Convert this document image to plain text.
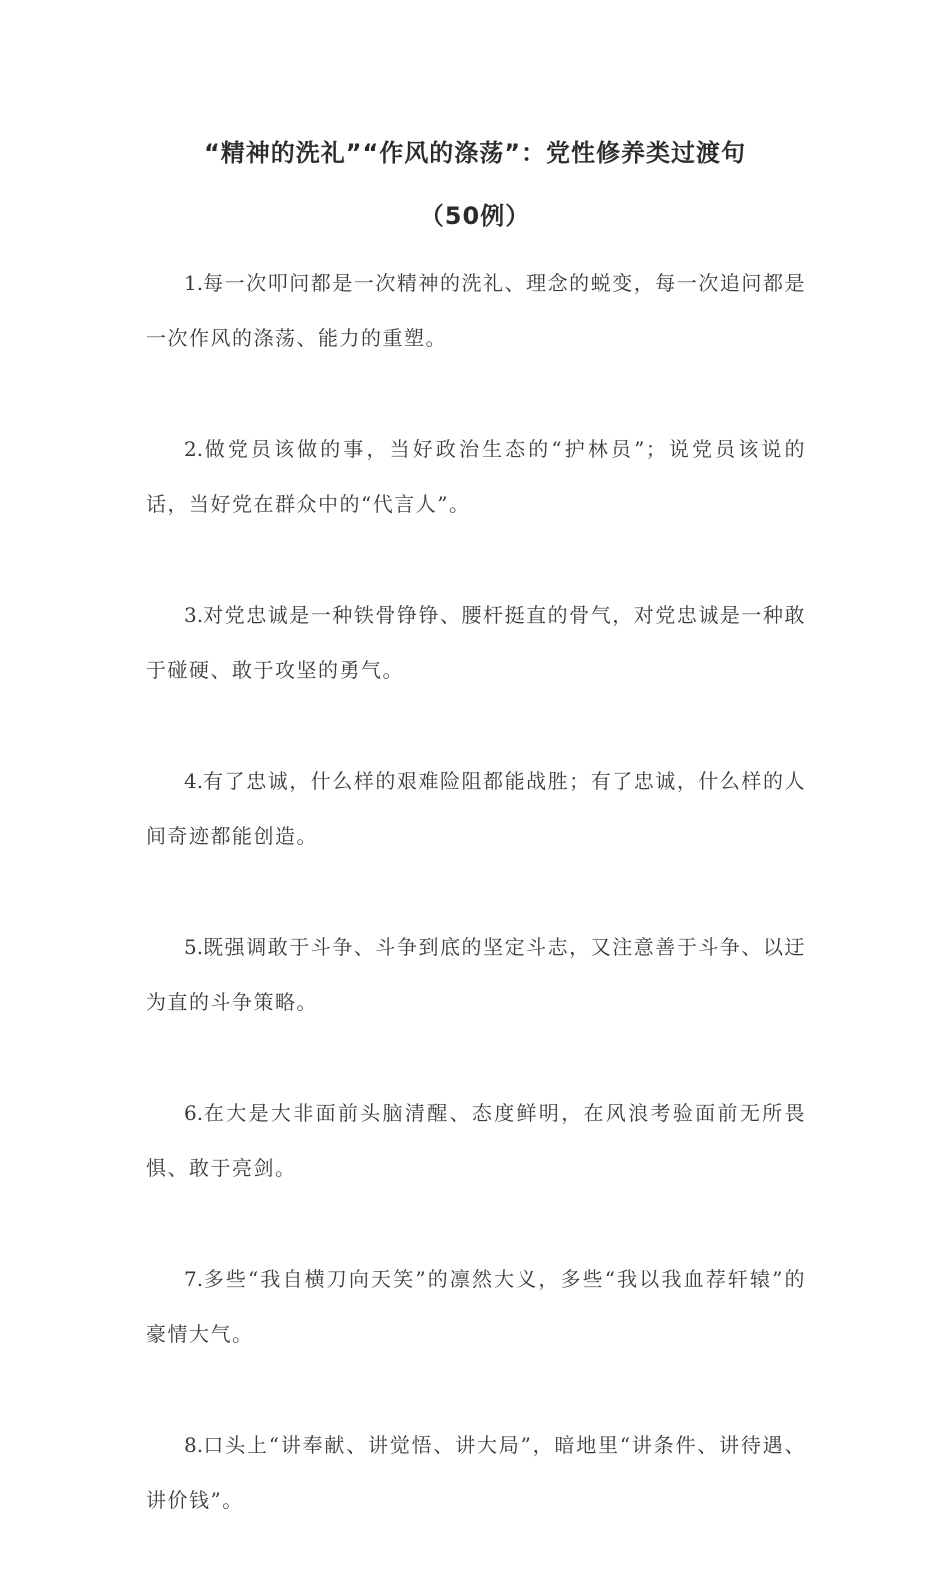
“精神的洗礼”“作风的涤荡”：党性修养类过渡句
（50例）

1.每一次叩问都是一次精神的洗礼、理念的蜕变，每一次追问都是一次作风的涤荡、能力的重塑。

2.做党员该做的事，当好政治生态的“护林员”；说党员该说的话，当好党在群众中的“代言人”。

3.对党忠诚是一种铁骨铮铮、腰杆挺直的骨气，对党忠诚是一种敢于碰硬、敢于攻坚的勇气。

4.有了忠诚，什么样的艰难险阻都能战胜；有了忠诚，什么样的人间奇迹都能创造。

5.既强调敢于斗争、斗争到底的坚定斗志，又注意善于斗争、以迂为直的斗争策略。

6.在大是大非面前头脑清醒、态度鲜明，在风浪考验面前无所畏惧、敢于亮剑。

7.多些“我自横刀向天笑”的凛然大义，多些“我以我血荐轩辕”的豪情大气。

8.口头上“讲奉献、讲觉悟、讲大局”，暗地里“讲条件、讲待遇、讲价钱”。
